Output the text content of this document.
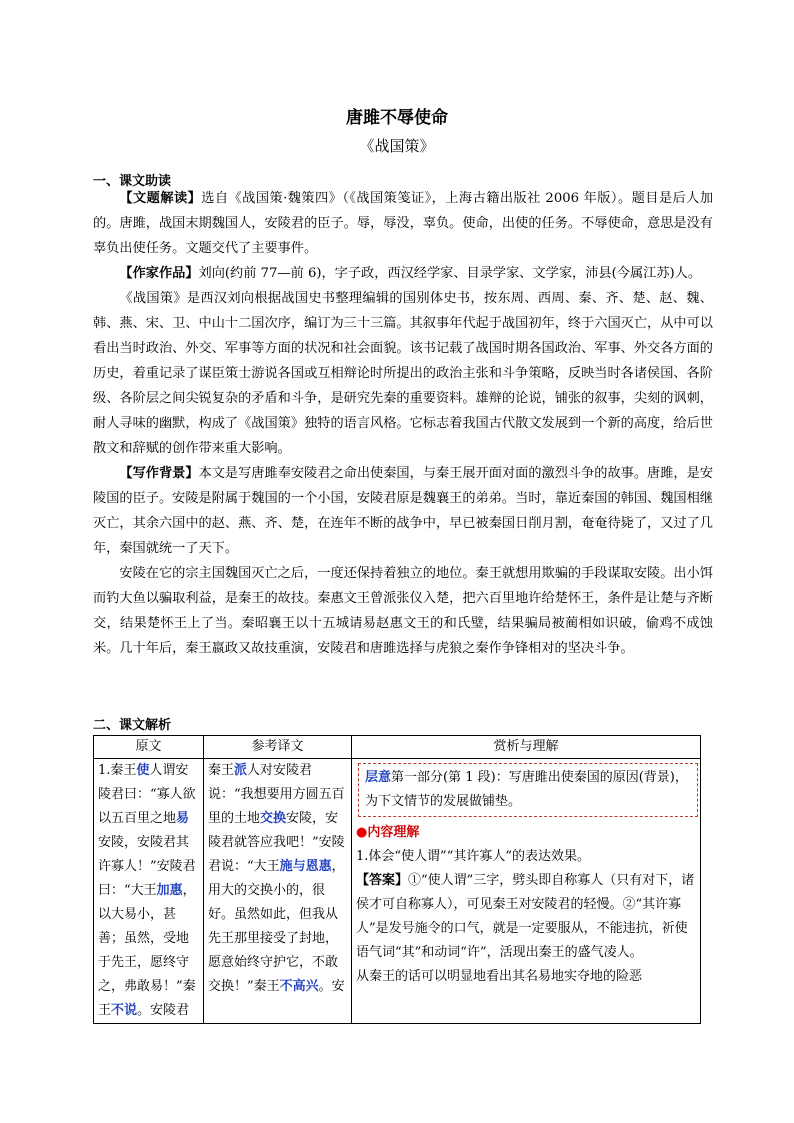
唐雎不辱使命
《战国策》
一、课文助读

【文题解读】选自《战国策·魏策四》（《战国策笺证》，上海古籍出版社 2006 年版）。题目是后人加的。唐雎，战国末期魏国人，安陵君的臣子。辱，辱没，辜负。使命，出使的任务。不辱使命，意思是没有辜负出使任务。文题交代了主要事件。

【作家作品】刘向(约前 77—前 6)，字子政，西汉经学家、目录学家、文学家，沛县(今属江苏)人。

《战国策》是西汉刘向根据战国史书整理编辑的国别体史书，按东周、西周、秦、齐、楚、赵、魏、韩、燕、宋、卫、中山十二国次序，编订为三十三篇。其叙事年代起于战国初年，终于六国灭亡，从中可以看出当时政治、外交、军事等方面的状况和社会面貌。该书记载了战国时期各国政治、军事、外交各方面的历史，着重记录了谋臣策士游说各国或互相辩论时所提出的政治主张和斗争策略，反映当时各诸侯国、各阶级、各阶层之间尖锐复杂的矛盾和斗争，是研究先秦的重要资料。雄辩的论说，铺张的叙事，尖刻的讽刺，耐人寻味的幽默，构成了《战国策》独特的语言风格。它标志着我国古代散文发展到一个新的高度，给后世散文和辞赋的创作带来重大影响。

【写作背景】本文是写唐雎奉安陵君之命出使秦国，与秦王展开面对面的激烈斗争的故事。唐雎，是安陵国的臣子。安陵是附属于魏国的一个小国，安陵君原是魏襄王的弟弟。当时，靠近秦国的韩国、魏国相继灭亡，其余六国中的赵、燕、齐、楚，在连年不断的战争中，早已被秦国日削月割，奄奄待毙了，又过了几年，秦国就统一了天下。

安陵在它的宗主国魏国灭亡之后，一度还保持着独立的地位。秦王就想用欺骗的手段谋取安陵。出小饵而钓大鱼以骗取利益，是秦王的故技。秦惠文王曾派张仪入楚，把六百里地许给楚怀王，条件是让楚与齐断交，结果楚怀王上了当。秦昭襄王以十五城请易赵惠文王的和氏璧，结果骗局被蔺相如识破，偷鸡不成蚀米。几十年后，秦王嬴政又故技重演，安陵君和唐雎选择与虎狼之秦作争锋相对的坚决斗争。

二、课文解析
原文	参考译文	赏析与理解
1.秦王使人谓安陵君曰：“寡人欲以五百里之地易安陵，安陵君其许寡人！”安陵君曰：“大王加惠，以大易小，甚善；虽然，受地于先王，愿终守之，弗敢易！”秦王不说。安陵君	秦王派人对安陵君说：“我想要用方圆五百里的土地交换安陵，安陵君就答应我吧！”安陵君说：“大王施与恩惠，用大的交换小的，很好。虽然如此，但我从先王那里接受了封地，愿意始终守护它，不敢交换！”秦王不高兴。安	层意第一部分(第 1 段)：写唐雎出使秦国的原因(背景)，为下文情节的发展做铺垫。
●内容理解
1.体会“使人谓”“其许寡人”的表达效果。
【答案】①“使人谓”三字，劈头即自称寡人（只有对下，诸侯才可自称寡人），可见秦王对安陵君的轻慢。②“其许寡人”是发号施令的口气，就是一定要服从，不能违抗，祈使语气词“其”和动词“许”，活现出秦王的盛气凌人。
从秦王的话可以明显地看出其名易地实夺地的险恶
